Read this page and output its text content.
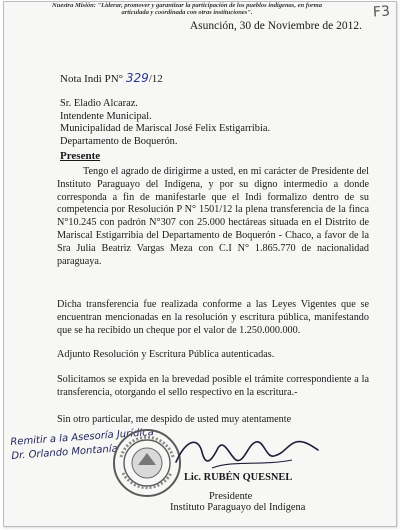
Nuestra Misión: "Liderar, promover y garantizar la participación de los pueblos indígenas, en forma articulada y coordinada con otras instituciones".	F3
Asunción, 30 de Noviembre de 2012.
Nota Indi PN° 329/12
Sr. Eladio Alcaraz.
Intendente Municipal.
Municipalidad de Mariscal José Felix Estigarribia.
Departamento de Boquerón.
Presente
Tengo el agrado de dirigirme a usted, en mi carácter de Presidente del Instituto Paraguayo del Indígena, y por su digno intermedio a donde corresponda a fin de manifestarle que el Indi formalizo dentro de su competencia por Resolución P N° 1501/12 la plena transferencia de la finca N°10.245 con padrón N°307 con 25.000 hectáreas situada en el Distrito de Mariscal Estigarribia del Departamento de Boquerón - Chaco, a favor de la Sra Julia Beatriz Vargas Meza con C.I N° 1.865.770 de nacionalidad paraguaya.
Dicha transferencia fue realizada conforme a las Leyes Vigentes que se encuentran mencionadas en la resolución y escritura pública, manifestando que se ha recibido un cheque por el valor de 1.250.000.000.
Adjunto Resolución y Escritura Pública autenticadas.
Solicitamos se expida en la brevedad posible el trámite correspondiente a la transferencia, otorgando el sello respectivo en la escritura.-
Sin otro particular, me despido de usted muy atentamente
Remitir a la Asesoría Jurídica Dr. Orlando Montanía
Lic. RUBÉN QUESNEL
Presidente
Instituto Paraguayo del Indígena
